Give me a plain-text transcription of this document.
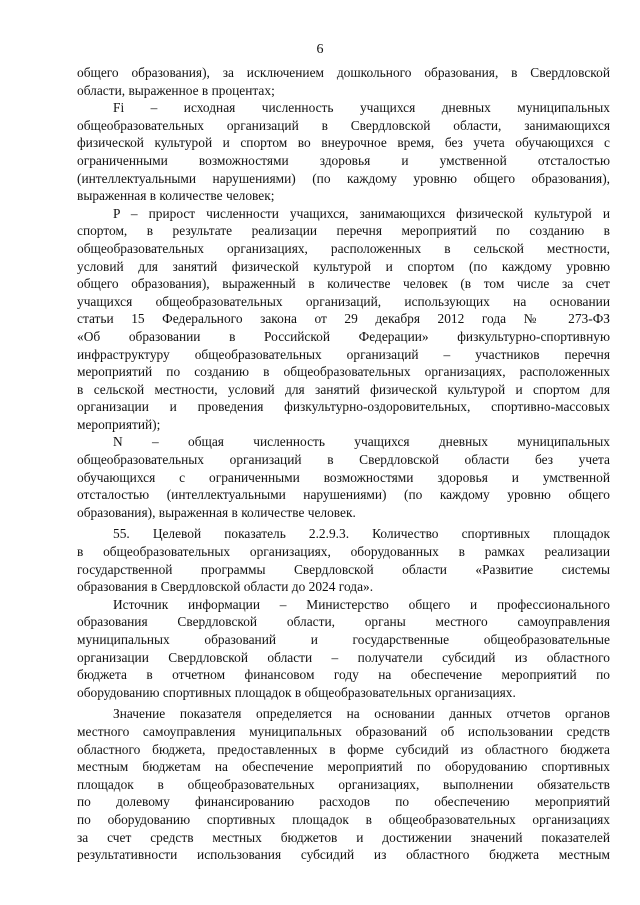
6
общего образования), за исключением дошкольного образования, в Свердловской
области, выраженное в процентах;
Fi – исходная численность учащихся дневных муниципальных
общеобразовательных организаций в Свердловской области, занимающихся
физической культурой и спортом во внеурочное время, без учета обучающихся с
ограниченными возможностями здоровья и умственной отсталостью
(интеллектуальными нарушениями) (по каждому уровню общего образования),
выраженная в количестве человек;
P – прирост численности учащихся, занимающихся физической культурой и
спортом, в результате реализации перечня мероприятий по созданию в
общеобразовательных организациях, расположенных в сельской местности,
условий для занятий физической культурой и спортом (по каждому уровню
общего образования), выраженный в количестве человек (в том числе за счет
учащихся общеобразовательных организаций, использующих на основании
статьи 15 Федерального закона от 29 декабря 2012 года № 273-ФЗ
«Об образовании в Российской Федерации» физкультурно-спортивную
инфраструктуру общеобразовательных организаций – участников перечня
мероприятий по созданию в общеобразовательных организациях, расположенных
в сельской местности, условий для занятий физической культурой и спортом для
организации и проведения физкультурно-оздоровительных, спортивно-массовых
мероприятий);
N – общая численность учащихся дневных муниципальных
общеобразовательных организаций в Свердловской области без учета
обучающихся с ограниченными возможностями здоровья и умственной
отсталостью (интеллектуальными нарушениями) (по каждому уровню общего
образования), выраженная в количестве человек.
55. Целевой показатель 2.2.9.3. Количество спортивных площадок
в общеобразовательных организациях, оборудованных в рамках реализации
государственной программы Свердловской области «Развитие системы
образования в Свердловской области до 2024 года».
Источник информации – Министерство общего и профессионального
образования Свердловской области, органы местного самоуправления
муниципальных образований и государственные общеобразовательные
организации Свердловской области – получатели субсидий из областного
бюджета в отчетном финансовом году на обеспечение мероприятий по
оборудованию спортивных площадок в общеобразовательных организациях.
Значение показателя определяется на основании данных отчетов органов
местного самоуправления муниципальных образований об использовании средств
областного бюджета, предоставленных в форме субсидий из областного бюджета
местным бюджетам на обеспечение мероприятий по оборудованию спортивных
площадок в общеобразовательных организациях, выполнении обязательств
по долевому финансированию расходов по обеспечению мероприятий
по оборудованию спортивных площадок в общеобразовательных организациях
за счет средств местных бюджетов и достижении значений показателей
результативности использования субсидий из областного бюджета местным
